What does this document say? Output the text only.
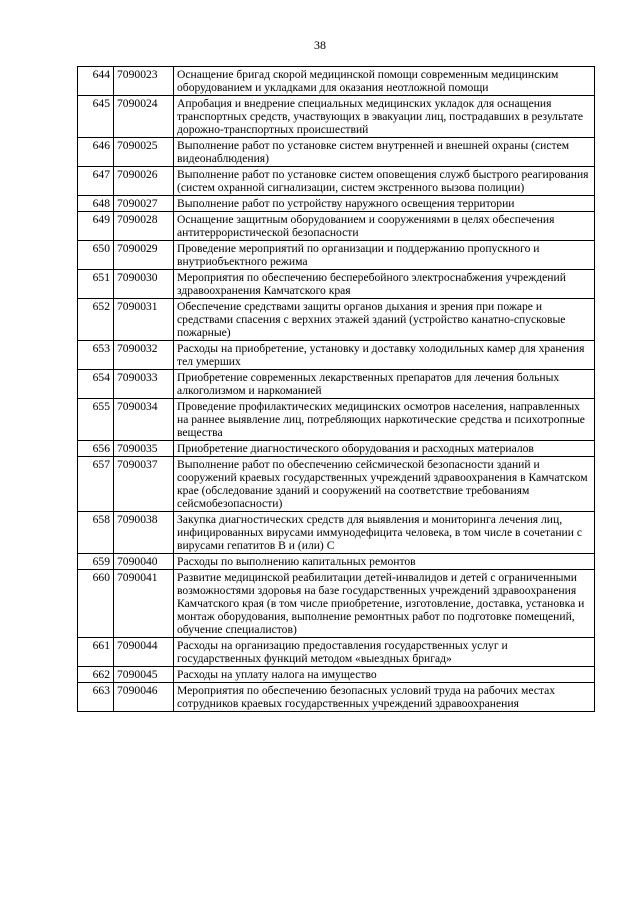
38
644	7090023	Оснащение бригад скорой медицинской помощи современным медицинским оборудованием и укладками для оказания неотложной помощи
645	7090024	Апробация и внедрение специальных медицинских укладок для оснащения транспортных средств, участвующих в эвакуации лиц, пострадавших в результате дорожно-транспортных происшествий
646	7090025	Выполнение работ по установке систем внутренней и внешней охраны (систем видеонаблюдения)
647	7090026	Выполнение работ по установке систем оповещения служб быстрого реагирования (систем охранной сигнализации, систем экстренного вызова полиции)
648	7090027	Выполнение работ по устройству наружного освещения территории
649	7090028	Оснащение защитным оборудованием и сооружениями в целях обеспечения антитеррористической безопасности
650	7090029	Проведение мероприятий по организации и поддержанию пропускного и внутриобъектного режима
651	7090030	Мероприятия по обеспечению бесперебойного электроснабжения учреждений здравоохранения Камчатского края
652	7090031	Обеспечение средствами защиты органов дыхания и зрения при пожаре и средствами спасения с верхних этажей зданий (устройство канатно-спусковые пожарные)
653	7090032	Расходы на приобретение, установку и доставку холодильных камер для хранения тел умерших
654	7090033	Приобретение современных лекарственных препаратов для лечения больных алкоголизмом и наркоманией
655	7090034	Проведение профилактических медицинских осмотров населения, направленных на раннее выявление лиц, потребляющих наркотические средства и психотропные вещества
656	7090035	Приобретение диагностического оборудования и расходных материалов
657	7090037	Выполнение работ по обеспечению сейсмической безопасности зданий и сооружений краевых государственных учреждений здравоохранения в Камчатском крае (обследование зданий и сооружений на соответствие требованиям сейсмобезопасности)
658	7090038	Закупка диагностических средств для выявления и мониторинга лечения лиц, инфицированных вирусами иммунодефицита человека, в том числе в сочетании с вирусами гепатитов В и (или) С
659	7090040	Расходы по выполнению капитальных ремонтов
660	7090041	Развитие медицинской реабилитации детей-инвалидов и детей с ограниченными возможностями здоровья на базе государственных учреждений здравоохранения Камчатского края (в том числе приобретение, изготовление, доставка, установка и монтаж оборудования, выполнение ремонтных работ по подготовке помещений, обучение специалистов)
661	7090044	Расходы на организацию предоставления государственных услуг и государственных функций методом «выездных бригад»
662	7090045	Расходы на уплату налога на имущество
663	7090046	Мероприятия по обеспечению безопасных условий труда на рабочих местах сотрудников краевых государственных учреждений здравоохранения
